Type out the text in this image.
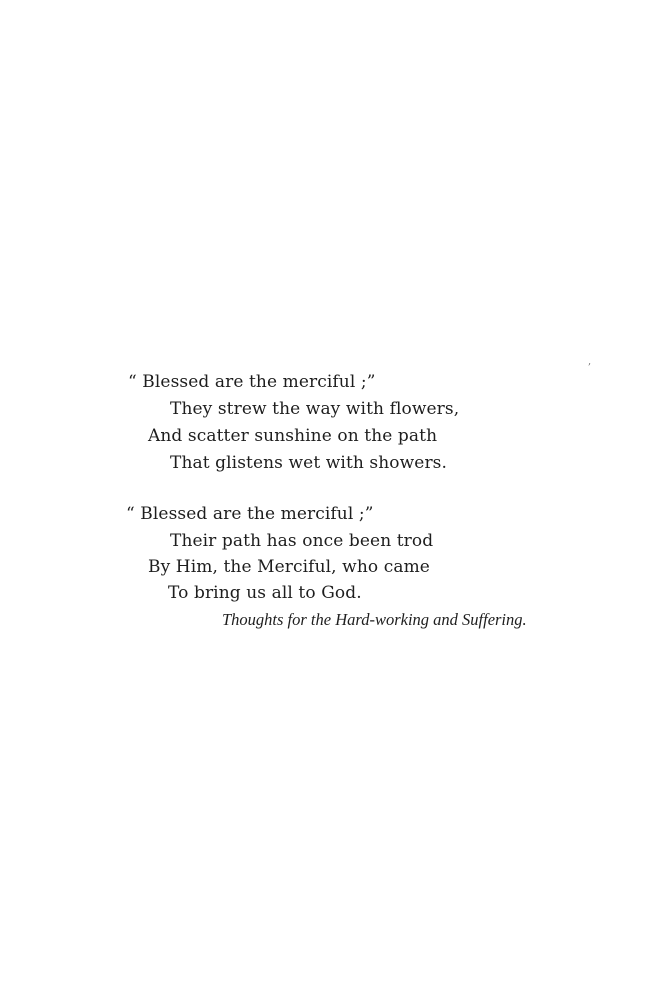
“ Blessed are the merciful ;”
They strew the way with flowers,
And scatter sunshine on the path
That glistens wet with showers.
“ Blessed are the merciful ;”
Their path has once been trod
By Him, the Merciful, who came
To bring us all to God.
Thoughts for the Hard-working and Suffering.
,
